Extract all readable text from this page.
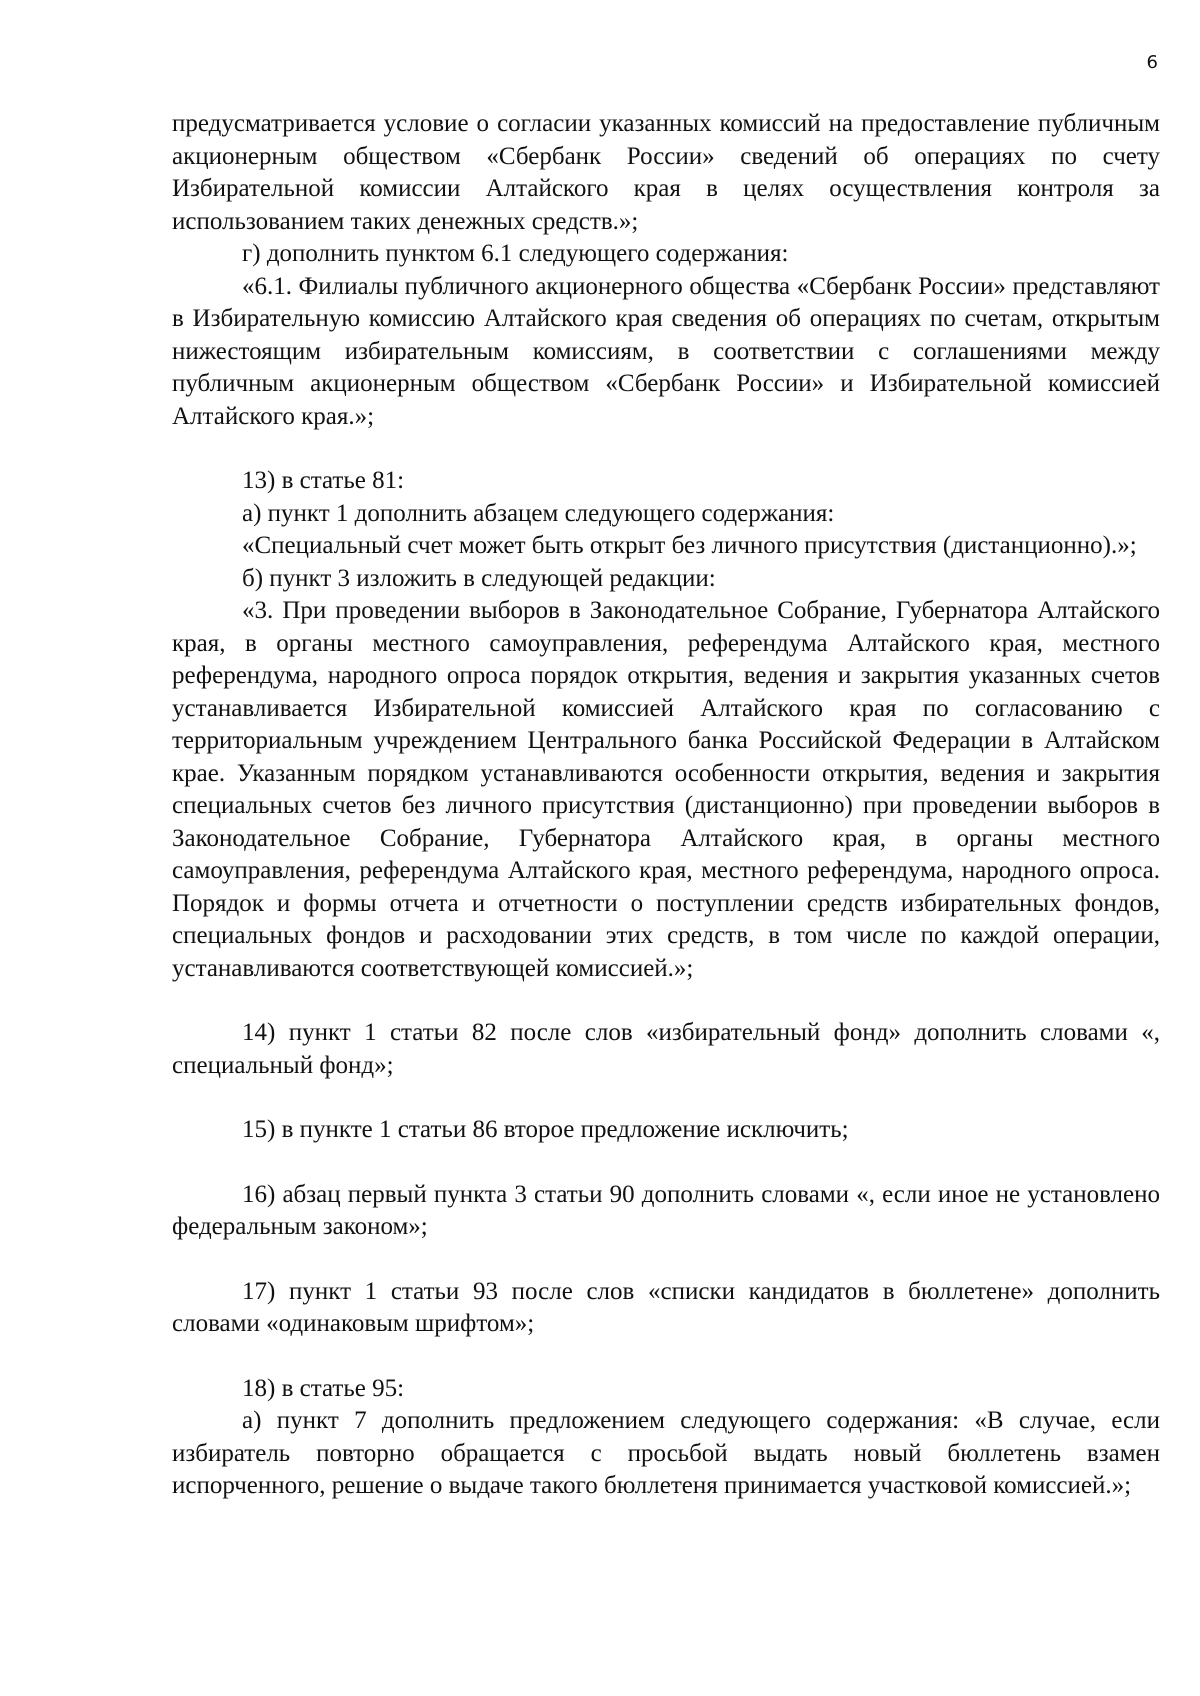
6

предусматривается условие о согласии указанных комиссий на предоставление публичным акционерным обществом «Сбербанк России» сведений об операциях по счету Избирательной комиссии Алтайского края в целях осуществления контроля за использованием таких денежных средств.»;

г) дополнить пунктом 6.1 следующего содержания:

«6.1. Филиалы публичного акционерного общества «Сбербанк России» представляют в Избирательную комиссию Алтайского края сведения об операциях по счетам, открытым нижестоящим избирательным комиссиям, в соответствии с соглашениями между публичным акционерным обществом «Сбербанк России» и Избирательной комиссией Алтайского края.»;

13) в статье 81:

а) пункт 1 дополнить абзацем следующего содержания:

«Специальный счет может быть открыт без личного присутствия (дистанционно).»;

б) пункт 3 изложить в следующей редакции:

«3. При проведении выборов в Законодательное Собрание, Губернатора Алтайского края, в органы местного самоуправления, референдума Алтайского края, местного референдума, народного опроса порядок открытия, ведения и закрытия указанных счетов устанавливается Избирательной комиссией Алтайского края по согласованию с территориальным учреждением Центрального банка Российской Федерации в Алтайском крае. Указанным порядком устанавливаются особенности открытия, ведения и закрытия специальных счетов без личного присутствия (дистанционно) при проведении выборов в Законодательное Собрание, Губернатора Алтайского края, в органы местного самоуправления, референдума Алтайского края, местного референдума, народного опроса. Порядок и формы отчета и отчетности о поступлении средств избирательных фондов, специальных фондов и расходовании этих средств, в том числе по каждой операции, устанавливаются соответствующей комиссией.»;

14) пункт 1 статьи 82 после слов «избирательный фонд» дополнить словами «, специальный фонд»;

15) в пункте 1 статьи 86 второе предложение исключить;

16) абзац первый пункта 3 статьи 90 дополнить словами «, если иное не установлено федеральным законом»;

17) пункт 1 статьи 93 после слов «списки кандидатов в бюллетене» дополнить словами «одинаковым шрифтом»;

18) в статье 95:

а) пункт 7 дополнить предложением следующего содержания: «В случае, если избиратель повторно обращается с просьбой выдать новый бюллетень взамен испорченного, решение о выдаче такого бюллетеня принимается участковой комиссией.»;
